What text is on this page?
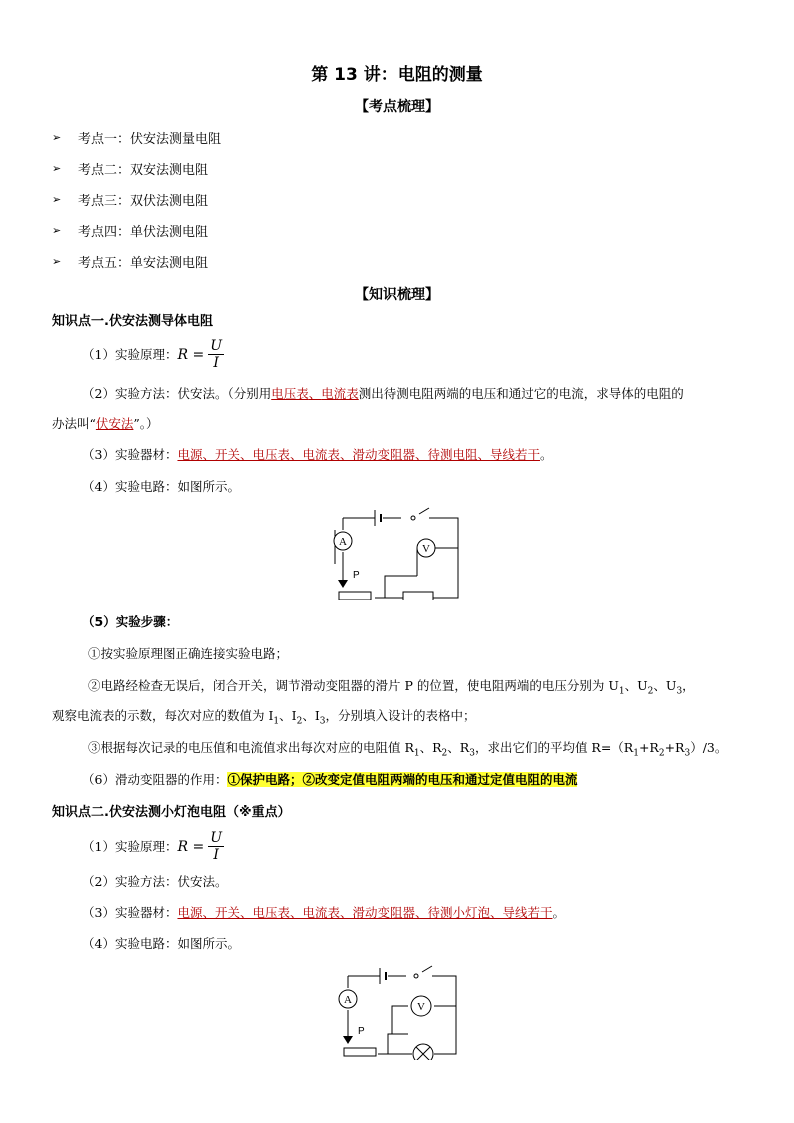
第 13 讲：电阻的测量
【考点梳理】
➢	考点一：伏安法测量电阻
➢	考点二：双安法测电阻
➢	考点三：双伏法测电阻
➢	考点四：单伏法测电阻
➢	考点五：单安法测电阻
【知识梳理】
知识点一.伏安法测导体电阻
（1）实验原理： $R = \frac{U}{I}$
（2）实验方法：伏安法。（分别用电压表、电流表测出待测电阻两端的电压和通过它的电流，求导体的电阻的
办法叫“伏安法”。）
（3）实验器材：电源、开关、电压表、电流表、滑动变阻器、待测电阻、导线若干。
（4）实验电路：如图所示。
A
V
P
（5）实验步骤：
①按实验原理图正确连接实验电路；
②电路经检查无误后，闭合开关，调节滑动变阻器的滑片 P 的位置，使电阻两端的电压分别为 $U_1$、$U_2$、$U_3$，
观察电流表的示数，每次对应的数值为 $I_1$、$I_2$、$I_3$，分别填入设计的表格中；
③根据每次记录的电压值和电流值求出每次对应的电阻值 $R_1$、$R_2$、$R_3$，求出它们的平均值 $R=(R_1+R_2+R_3)/3$。
（6）滑动变阻器的作用：①保护电路；②改变定值电阻两端的电压和通过定值电阻的电流
知识点二.伏安法测小灯泡电阻（※重点）
（1）实验原理： $R = \frac{U}{I}$
（2）实验方法：伏安法。
（3）实验器材：电源、开关、电压表、电流表、滑动变阻器、待测小灯泡、导线若干。
（4）实验电路：如图所示。
A
V
P
